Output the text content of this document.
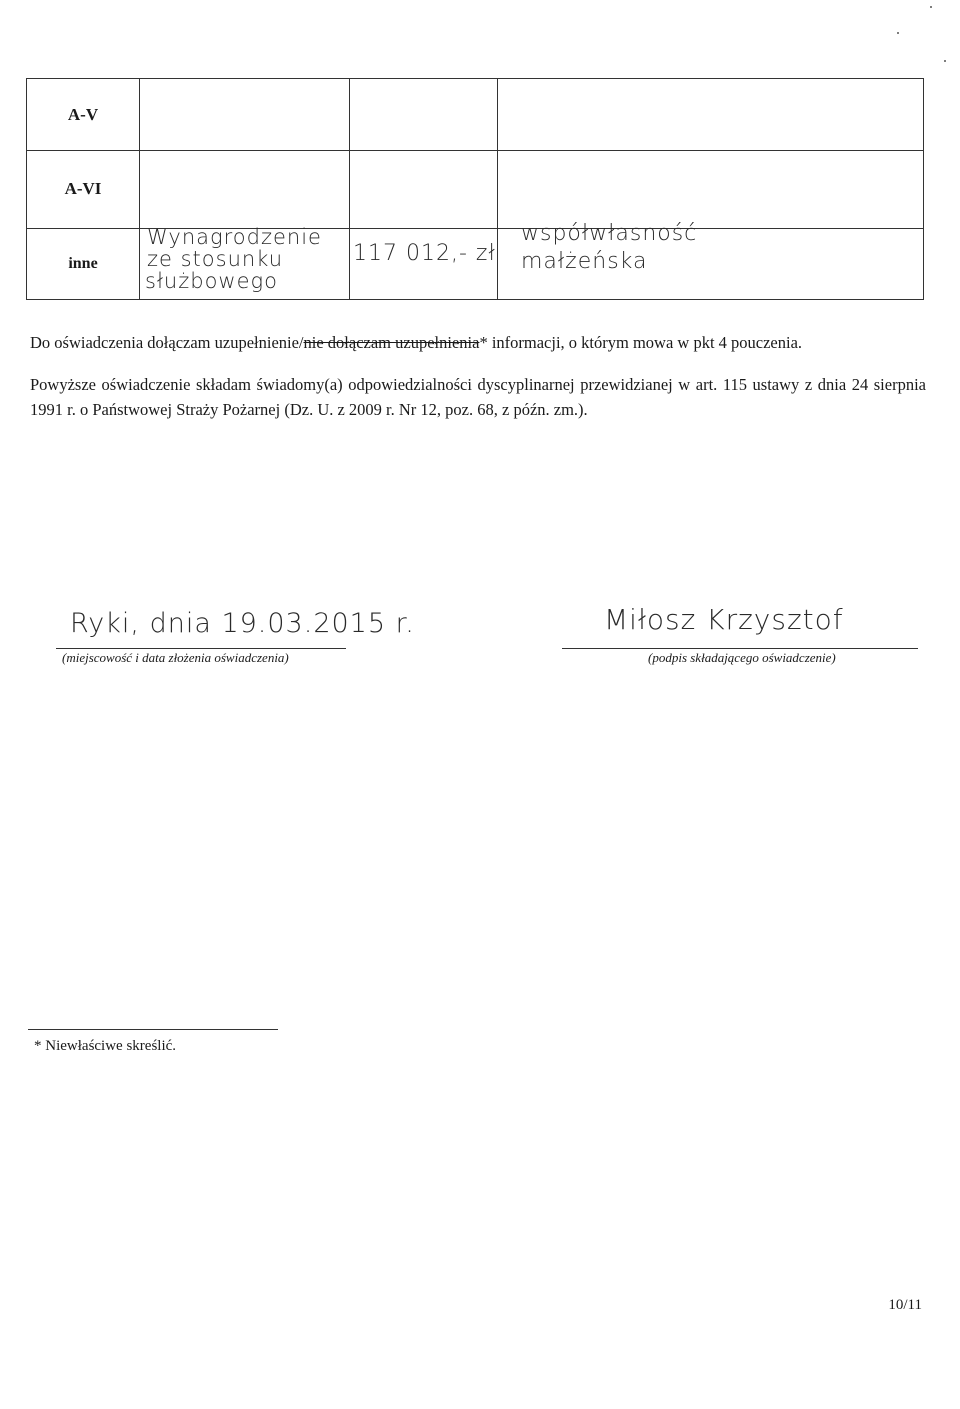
A-V
A-VI
inne
Wynagrodzenie
ze stosunku
służbowego
117 012,- zł
współwłasność
małżeńska

Do oświadczenia dołączam uzupełnienie/nie dołączam uzupełnienia* informacji, o którym mowa w pkt 4 pouczenia.

Powyższe oświadczenie składam świadomy(a) odpowiedzialności dyscyplinarnej przewidzianej w art. 115 ustawy z dnia 24 sierpnia 1991 r. o Państwowej Straży Pożarnej (Dz. U. z 2009 r. Nr 12, poz. 68, z późn. zm.).

Ryki, dnia 19.03.2015 r.
(miejscowość i data złożenia oświadczenia)
Miłosz Krzysztof
(podpis składającego oświadczenie)
* Niewłaściwe skreślić.
10/11
